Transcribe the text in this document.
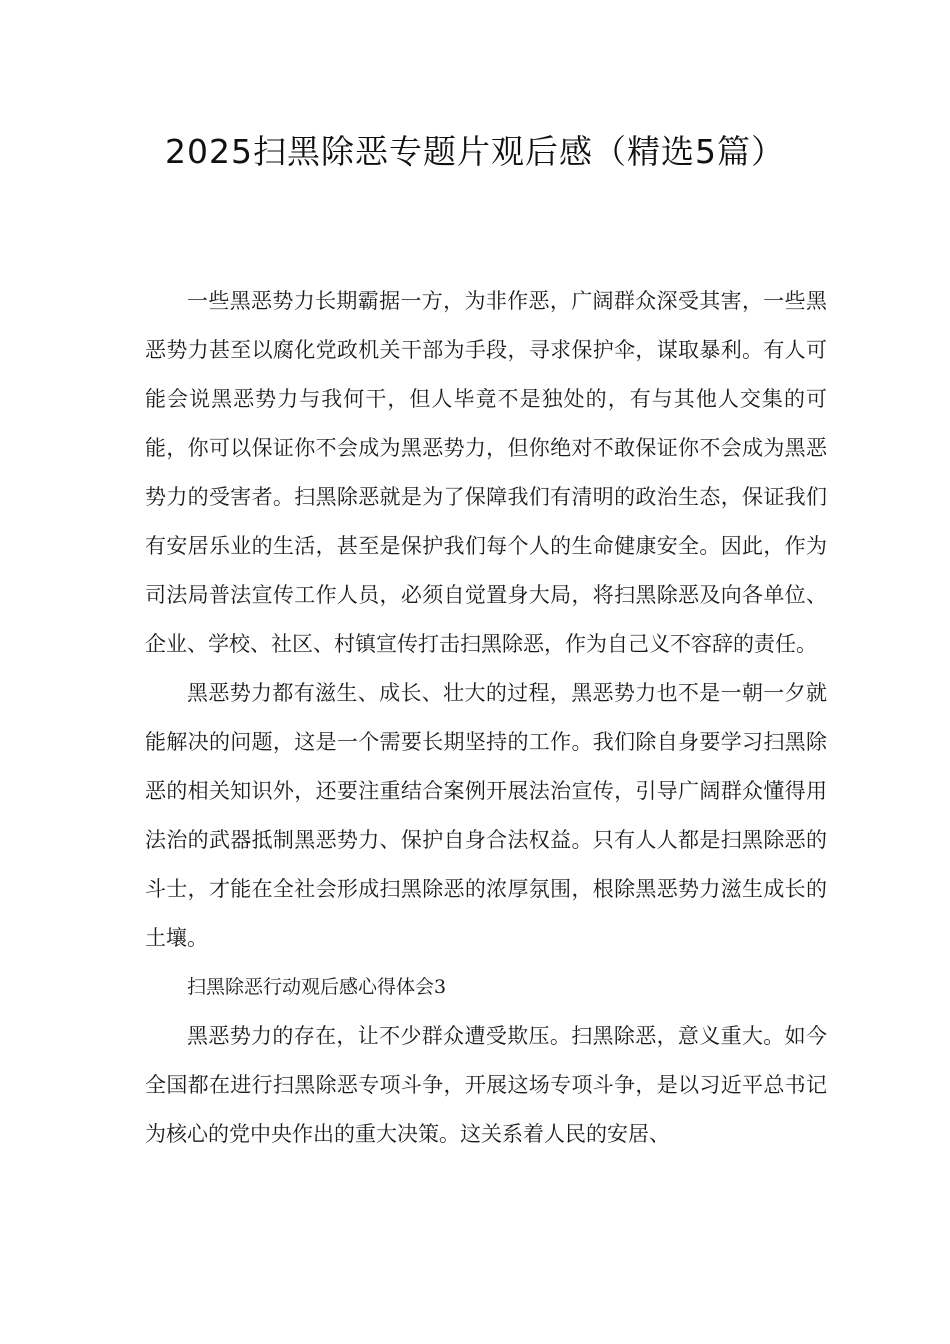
2025扫黑除恶专题片观后感（精选5篇）

一些黑恶势力长期霸据一方，为非作恶，广阔群众深受其害，一些黑恶势力甚至以腐化党政机关干部为手段，寻求保护伞，谋取暴利。有人可能会说黑恶势力与我何干，但人毕竟不是独处的，有与其他人交集的可能，你可以保证你不会成为黑恶势力，但你绝对不敢保证你不会成为黑恶势力的受害者。扫黑除恶就是为了保障我们有清明的政治生态，保证我们有安居乐业的生活，甚至是保护我们每个人的生命健康安全。因此，作为司法局普法宣传工作人员，必须自觉置身大局，将扫黑除恶及向各单位、企业、学校、社区、村镇宣传打击扫黑除恶，作为自己义不容辞的责任。

黑恶势力都有滋生、成长、壮大的过程，黑恶势力也不是一朝一夕就能解决的问题，这是一个需要长期坚持的工作。我们除自身要学习扫黑除恶的相关知识外，还要注重结合案例开展法治宣传，引导广阔群众懂得用法治的武器抵制黑恶势力、保护自身合法权益。只有人人都是扫黑除恶的斗士，才能在全社会形成扫黑除恶的浓厚氛围，根除黑恶势力滋生成长的土壤。

扫黑除恶行动观后感心得体会3

黑恶势力的存在，让不少群众遭受欺压。扫黑除恶，意义重大。如今全国都在进行扫黑除恶专项斗争，开展这场专项斗争，是以习近平总书记为核心的党中央作出的重大决策。这关系着人民的安居、
